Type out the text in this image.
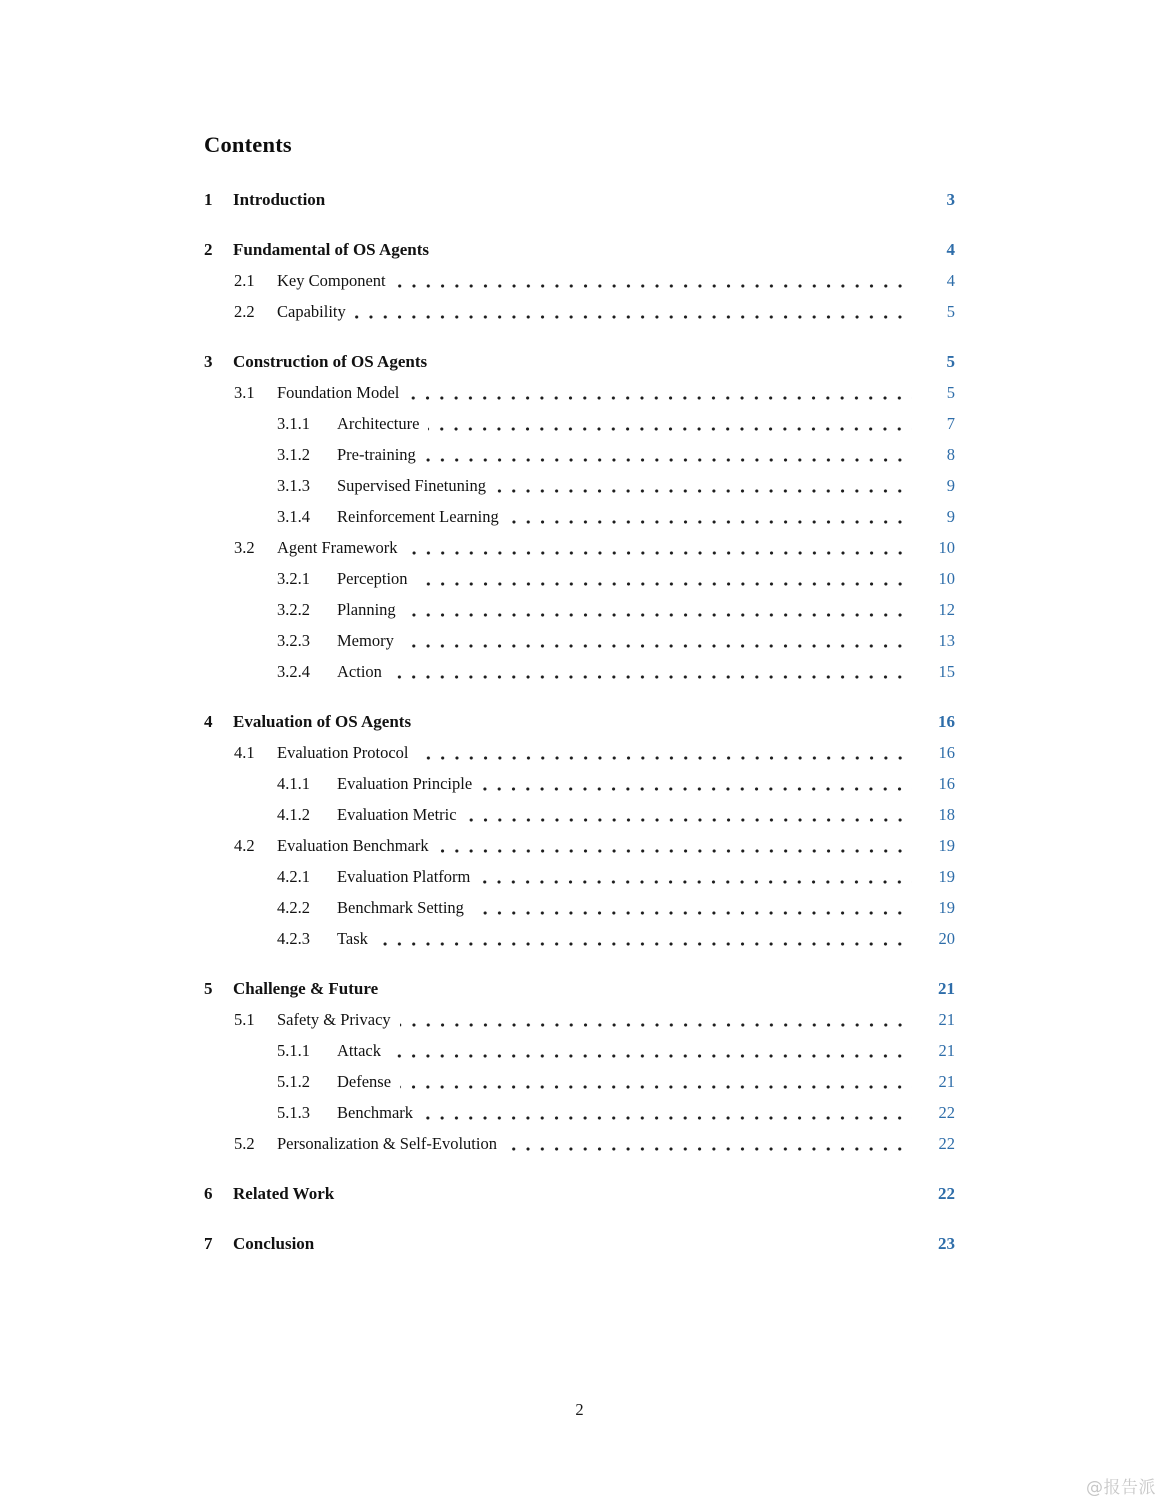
Contents
1	Introduction	3
2	Fundamental of OS Agents	4
2.1	Key Component	4
2.2	Capability	5
3	Construction of OS Agents	5
3.1	Foundation Model	5
3.1.1	Architecture	7
3.1.2	Pre-training	8
3.1.3	Supervised Finetuning	9
3.1.4	Reinforcement Learning	9
3.2	Agent Framework	10
3.2.1	Perception	10
3.2.2	Planning	12
3.2.3	Memory	13
3.2.4	Action	15
4	Evaluation of OS Agents	16
4.1	Evaluation Protocol	16
4.1.1	Evaluation Principle	16
4.1.2	Evaluation Metric	18
4.2	Evaluation Benchmark	19
4.2.1	Evaluation Platform	19
4.2.2	Benchmark Setting	19
4.2.3	Task	20
5	Challenge & Future	21
5.1	Safety & Privacy	21
5.1.1	Attack	21
5.1.2	Defense	21
5.1.3	Benchmark	22
5.2	Personalization & Self-Evolution	22
6	Related Work	22
7	Conclusion	23
2
@报告派
